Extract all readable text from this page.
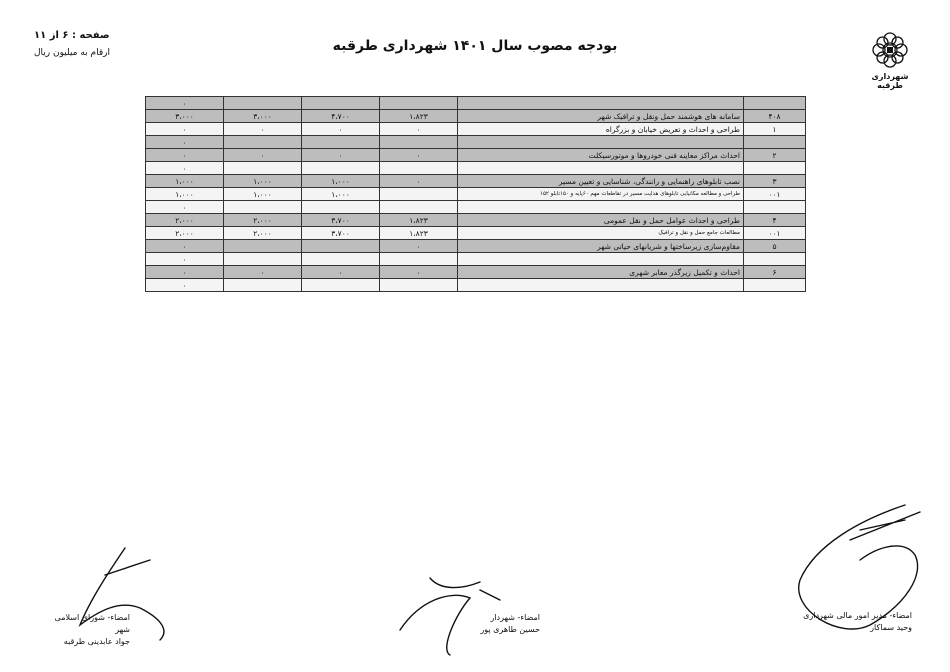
شهرداری طرقبه
بودجه مصوب سال ۱۴۰۱ شهرداری طرقبه
صفحه : ۶ از ۱۱
ارقام به میلیون ریال
۰					
۳،۰۰۰	۳،۰۰۰	۴،۷۰۰	۱،۸۲۳	سامانه های هوشمند حمل ونقل و ترافیک شهر	۴۰۸
۰	۰	۰	۰	طراحی و احداث و تعریض خیابان و بزرگراه	۱
۰					
۰	۰	۰	۰	احداث مراکز معاینه فنی خودروها و موتورسیکلت	۲
۰					
۱،۰۰۰	۱،۰۰۰	۱،۰۰۰	۰	نصب تابلوهای راهنمایی و رانندگی، شناسایی و تعیین مسیر	۳
۱،۰۰۰	۱،۰۰۰	۱،۰۰۰		طراحی و مطالعه مکانیابی تابلوهای هدایت مسیر در تقاطعات مهم ۶۰پایه و ۱۵۰تابلو ۱۵۲	۰۰۱
۰					
۲،۰۰۰	۲،۰۰۰	۳،۷۰۰	۱،۸۲۳	طراحی و احداث عوامل حمل و نقل عمومی	۴
۲،۰۰۰	۲،۰۰۰	۳،۷۰۰	۱،۸۲۳	مطالعات جامع حمل و نقل و ترافیک	۰۰۱
۰			۰	مقاوم‌سازی زیرساختها و شریانهای حیاتی شهر	۵
۰					
۰	۰	۰	۰	احداث و تکمیل زیرگذر معابر شهری	۶
۰					
امضاء- مدیر امور مالی شهرداری
وحید سماکار
امضاء- شهردار
حسین طاهری پور
امضاء- شورای اسلامی شهر
جواد عابدینی طرقبه
